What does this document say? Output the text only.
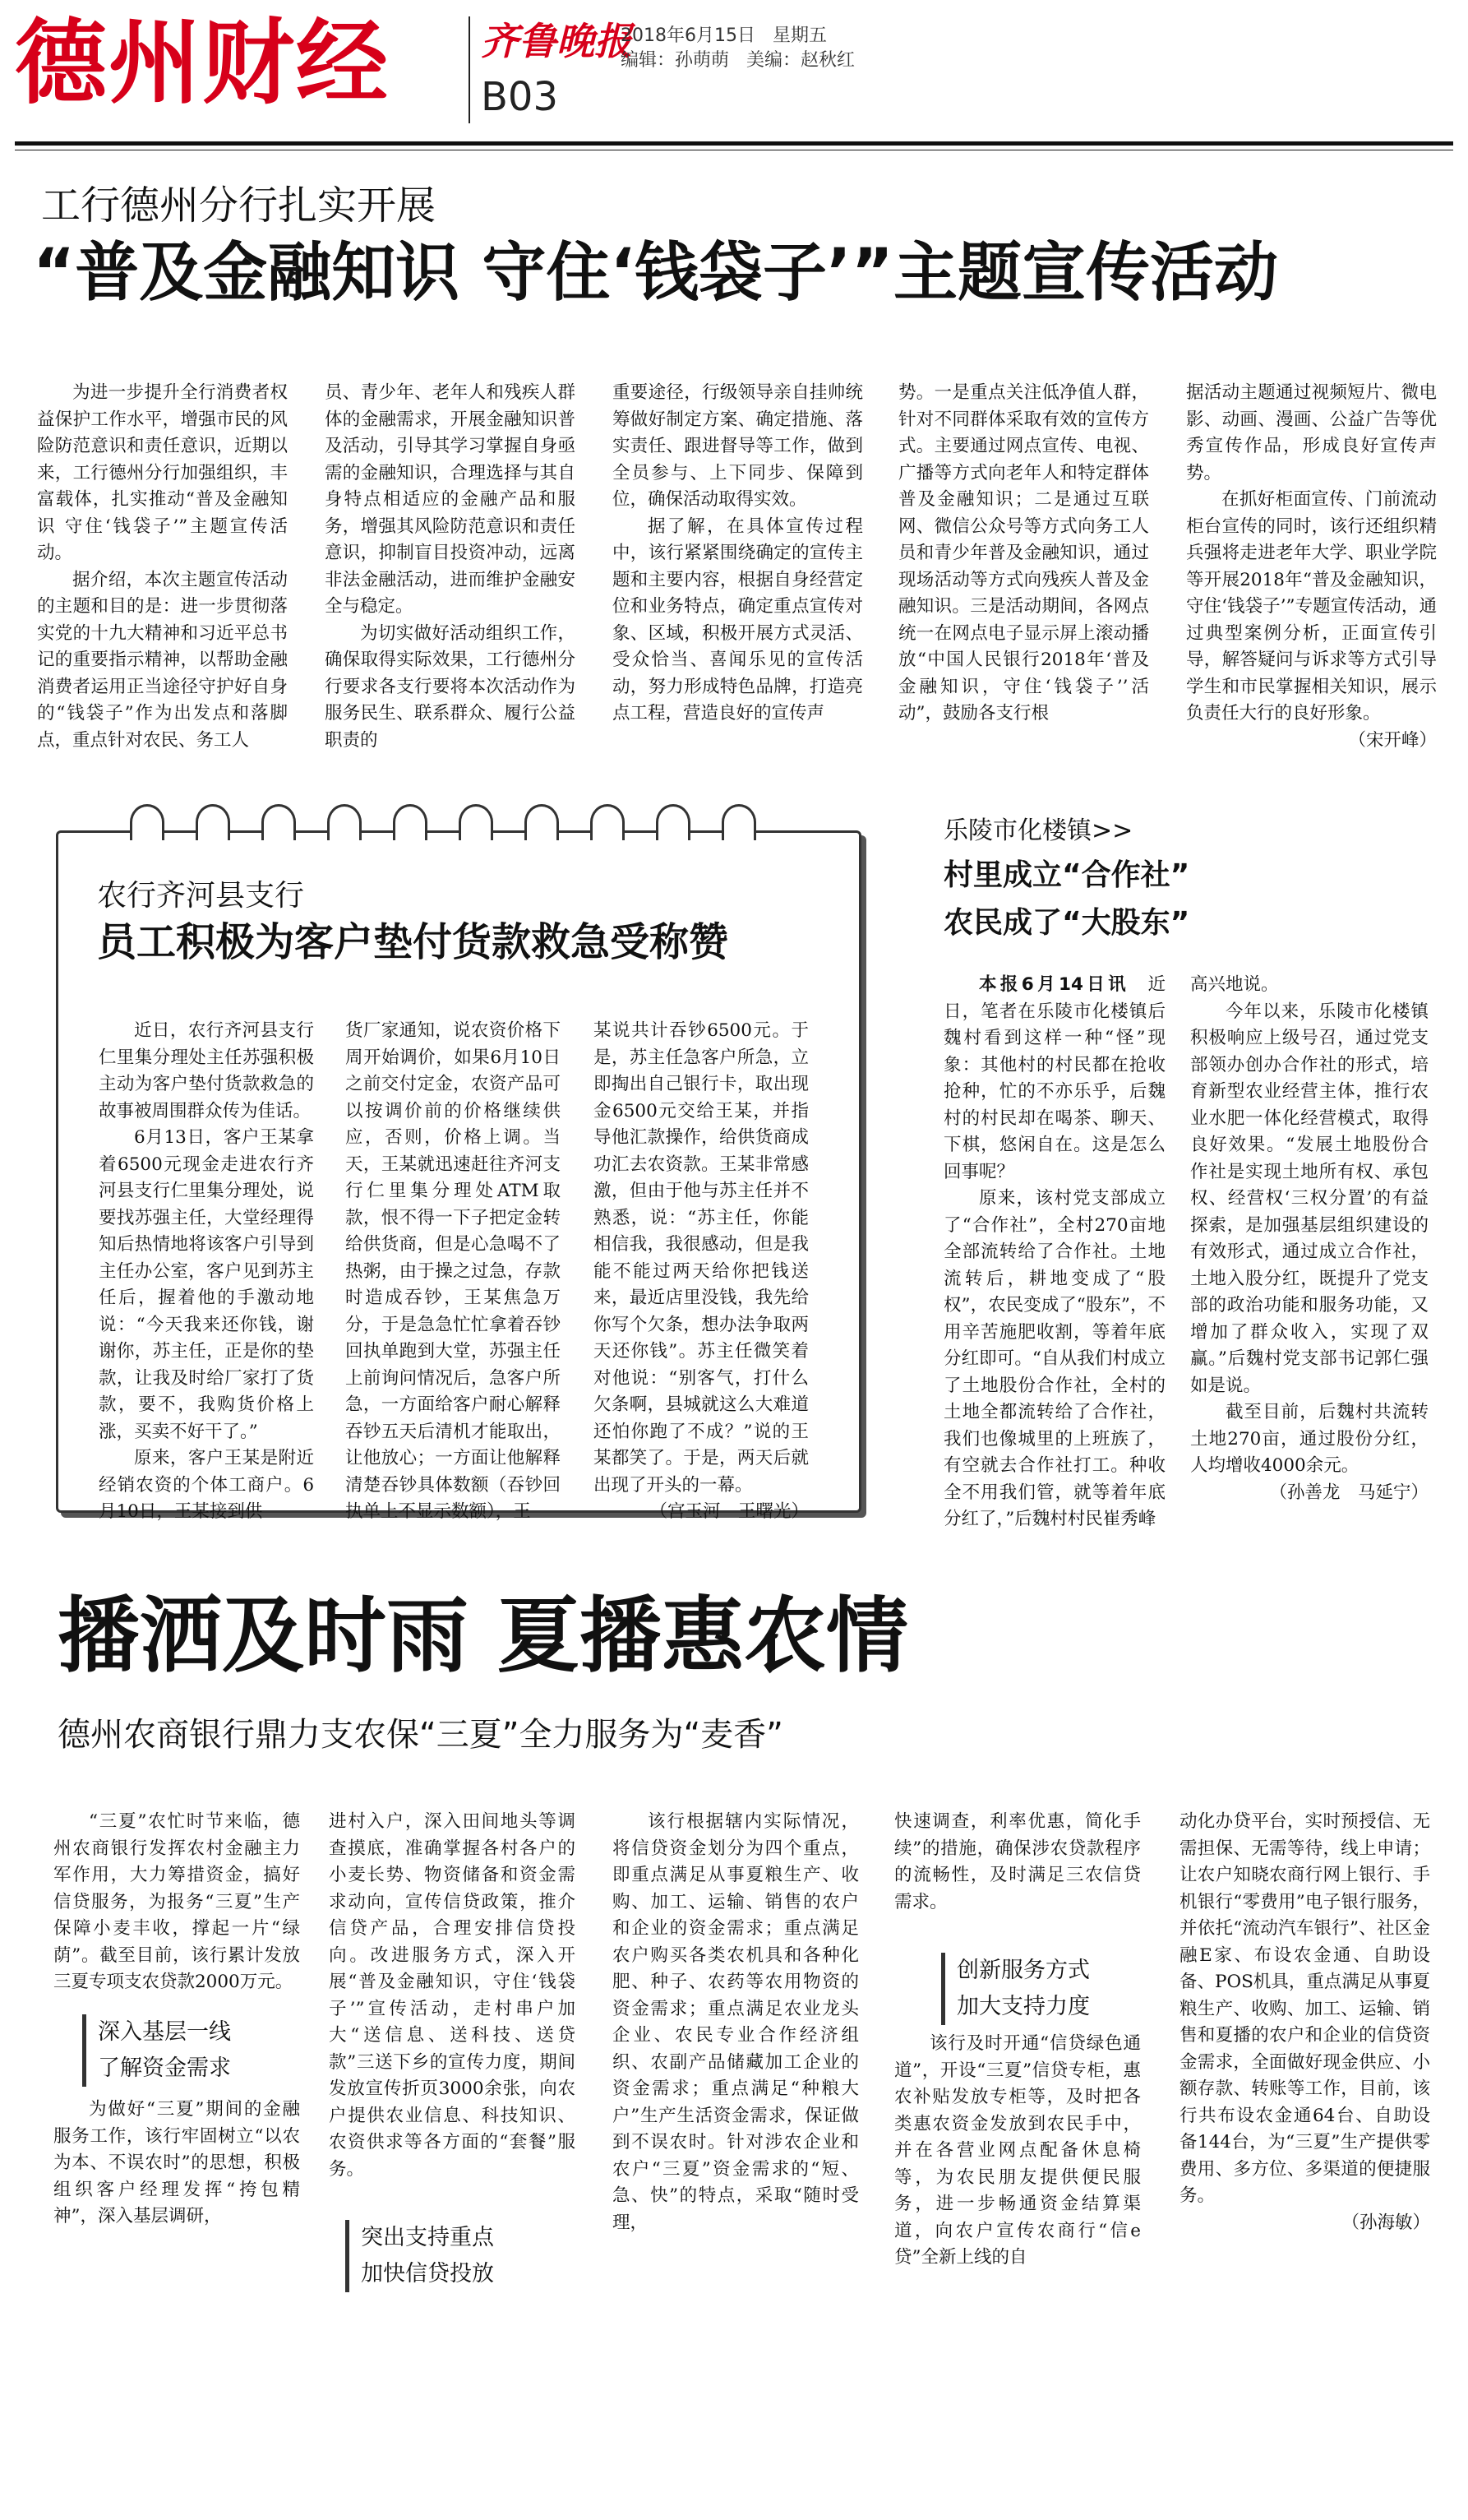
德州财经 齐鲁晚报
B03
2018年6月15日 星期五
编辑：孙萌萌 美编：赵秋红
工行德州分行扎实开展
“普及金融知识 守住‘钱袋子’”主题宣传活动

为进一步提升全行消费者权益保护工作水平，增强市民的风险防范意识和责任意识，近期以来，工行德州分行加强组织，丰富载体，扎实推动“普及金融知识 守住‘钱袋子’”主题宣传活动。

据介绍，本次主题宣传活动的主题和目的是：进一步贯彻落实党的十九大精神和习近平总书记的重要指示精神，以帮助金融消费者运用正当途径守护好自身的“钱袋子”作为出发点和落脚点，重点针对农民、务工人

员、青少年、老年人和残疾人群体的金融需求，开展金融知识普及活动，引导其学习掌握自身亟需的金融知识，合理选择与其自身特点相适应的金融产品和服务，增强其风险防范意识和责任意识，抑制盲目投资冲动，远离非法金融活动，进而维护金融安全与稳定。

为切实做好活动组织工作，确保取得实际效果，工行德州分行要求各支行要将本次活动作为服务民生、联系群众、履行公益职责的

重要途径，行级领导亲自挂帅统筹做好制定方案、确定措施、落实责任、跟进督导等工作，做到全员参与、上下同步、保障到位，确保活动取得实效。

据了解，在具体宣传过程中，该行紧紧围绕确定的宣传主题和主要内容，根据自身经营定位和业务特点，确定重点宣传对象、区域，积极开展方式灵活、受众恰当、喜闻乐见的宣传活动，努力形成特色品牌，打造亮点工程，营造良好的宣传声

势。一是重点关注低净值人群，针对不同群体采取有效的宣传方式。主要通过网点宣传、电视、广播等方式向老年人和特定群体普及金融知识；二是通过互联网、微信公众号等方式向务工人员和青少年普及金融知识，通过现场活动等方式向残疾人普及金融知识。三是活动期间，各网点统一在网点电子显示屏上滚动播放“中国人民银行2018年‘普及金融知识，守住‘钱袋子’’活动”，鼓励各支行根

据活动主题通过视频短片、微电影、动画、漫画、公益广告等优秀宣传作品，形成良好宣传声势。

在抓好柜面宣传、门前流动柜台宣传的同时，该行还组织精兵强将走进老年大学、职业学院等开展2018年“普及金融知识，守住‘钱袋子’”专题宣传活动，通过典型案例分析，正面宣传引导，解答疑问与诉求等方式引导学生和市民掌握相关知识，展示负责任大行的良好形象。

（宋开峰）
农行齐河县支行
员工积极为客户垫付货款救急受称赞

近日，农行齐河县支行仁里集分理处主任苏强积极主动为客户垫付货款救急的故事被周围群众传为佳话。

6月13日，客户王某拿着6500元现金走进农行齐河县支行仁里集分理处，说要找苏强主任，大堂经理得知后热情地将该客户引导到主任办公室，客户见到苏主任后，握着他的手激动地说：“今天我来还你钱，谢谢你，苏主任，正是你的垫款，让我及时给厂家打了货款，要不，我购货价格上涨，买卖不好干了。”

原来，客户王某是附近经销农资的个体工商户。6月10日，王某接到供

货厂家通知，说农资价格下周开始调价，如果6月10日之前交付定金，农资产品可以按调价前的价格继续供应，否则，价格上调。当天，王某就迅速赶往齐河支行仁里集分理处ATM取款，恨不得一下子把定金转给供货商，但是心急喝不了热粥，由于操之过急，存款时造成吞钞，王某焦急万分，于是急急忙忙拿着吞钞回执单跑到大堂，苏强主任上前询问情况后，急客户所急，一方面给客户耐心解释吞钞五天后清机才能取出，让他放心；一方面让他解释清楚吞钞具体数额（吞钞回执单上不显示数额），王

某说共计吞钞6500元。于是，苏主任急客户所急，立即掏出自己银行卡，取出现金6500元交给王某，并指导他汇款操作，给供货商成功汇去农资款。王某非常感激，但由于他与苏主任并不熟悉，说：“苏主任，你能相信我，我很感动，但是我能不能过两天给你把钱送来，最近店里没钱，我先给你写个欠条，想办法争取两天还你钱”。苏主任微笑着对他说：“别客气，打什么欠条啊，县城就这么大难道还怕你跑了不成？”说的王某都笑了。于是，两天后就出现了开头的一幕。

（宫玉河　王曙光）
乐陵市化楼镇>>
村里成立“合作社”
农民成了“大股东”

本报6月14日讯 近日，笔者在乐陵市化楼镇后魏村看到这样一种“怪”现象：其他村的村民都在抢收抢种，忙的不亦乐乎，后魏村的村民却在喝茶、聊天、下棋，悠闲自在。这是怎么回事呢？

原来，该村党支部成立了“合作社”，全村270亩地全部流转给了合作社。土地流转后，耕地变成了“股权”，农民变成了“股东”，不用辛苦施肥收割，等着年底分红即可。“自从我们村成立了土地股份合作社，全村的土地全都流转给了合作社，我们也像城里的上班族了，有空就去合作社打工。种收全不用我们管，就等着年底分红了，”后魏村村民崔秀峰

高兴地说。

今年以来，乐陵市化楼镇积极响应上级号召，通过党支部领办创办合作社的形式，培育新型农业经营主体，推行农业水肥一体化经营模式，取得良好效果。“发展土地股份合作社是实现土地所有权、承包权、经营权‘三权分置’的有益探索，是加强基层组织建设的有效形式，通过成立合作社，土地入股分红，既提升了党支部的政治功能和服务功能，又增加了群众收入，实现了双赢。”后魏村党支部书记郭仁强如是说。

截至目前，后魏村共流转土地270亩，通过股份分红，人均增收4000余元。

（孙善龙　马延宁）
播洒及时雨 夏播惠农情
德州农商银行鼎力支农保“三夏”全力服务为“麦香”

“三夏”农忙时节来临，德州农商银行发挥农村金融主力军作用，大力筹措资金，搞好信贷服务，为报务“三夏”生产保障小麦丰收，撑起一片“绿荫”。截至目前，该行累计发放三夏专项支农贷款2000万元。

深入基层一线
了解资金需求

为做好“三夏”期间的金融服务工作，该行牢固树立“以农为本、不误农时”的思想，积极组织客户经理发挥“挎包精神”，深入基层调研，

进村入户，深入田间地头等调查摸底，准确掌握各村各户的小麦长势、物资储备和资金需求动向，宣传信贷政策，推介信贷产品，合理安排信贷投向。改进服务方式，深入开展“普及金融知识，守住‘钱袋子’”宣传活动，走村串户加大“送信息、送科技、送贷款”三送下乡的宣传力度，期间发放宣传折页3000余张，向农户提供农业信息、科技知识、农资供求等各方面的“套餐”服务。

突出支持重点
加快信贷投放

该行根据辖内实际情况，将信贷资金划分为四个重点，即重点满足从事夏粮生产、收购、加工、运输、销售的农户和企业的资金需求；重点满足农户购买各类农机具和各种化肥、种子、农药等农用物资的资金需求；重点满足农业龙头企业、农民专业合作经济组织、农副产品储藏加工企业的资金需求；重点满足“种粮大户”生产生活资金需求，保证做到不误农时。针对涉农企业和农户“三夏”资金需求的“短、急、快”的特点，采取“随时受理，

快速调查，利率优惠，简化手续”的措施，确保涉农贷款程序的流畅性，及时满足三农信贷需求。

创新服务方式
加大支持力度

该行及时开通“信贷绿色通道”，开设“三夏”信贷专柜，惠农补贴发放专柜等，及时把各类惠农资金发放到农民手中，并在各营业网点配备休息椅等，为农民朋友提供便民服务，进一步畅通资金结算渠道，向农户宣传农商行“信e贷”全新上线的自

动化办贷平台，实时预授信、无需担保、无需等待，线上申请；让农户知晓农商行网上银行、手机银行“零费用”电子银行服务，并依托“流动汽车银行”、社区金融E家、布设农金通、自助设备、POS机具，重点满足从事夏粮生产、收购、加工、运输、销售和夏播的农户和企业的信贷资金需求，全面做好现金供应、小额存款、转账等工作，目前，该行共布设农金通64台、自助设备144台，为“三夏”生产提供零费用、多方位、多渠道的便捷服务。

（孙海敏）
